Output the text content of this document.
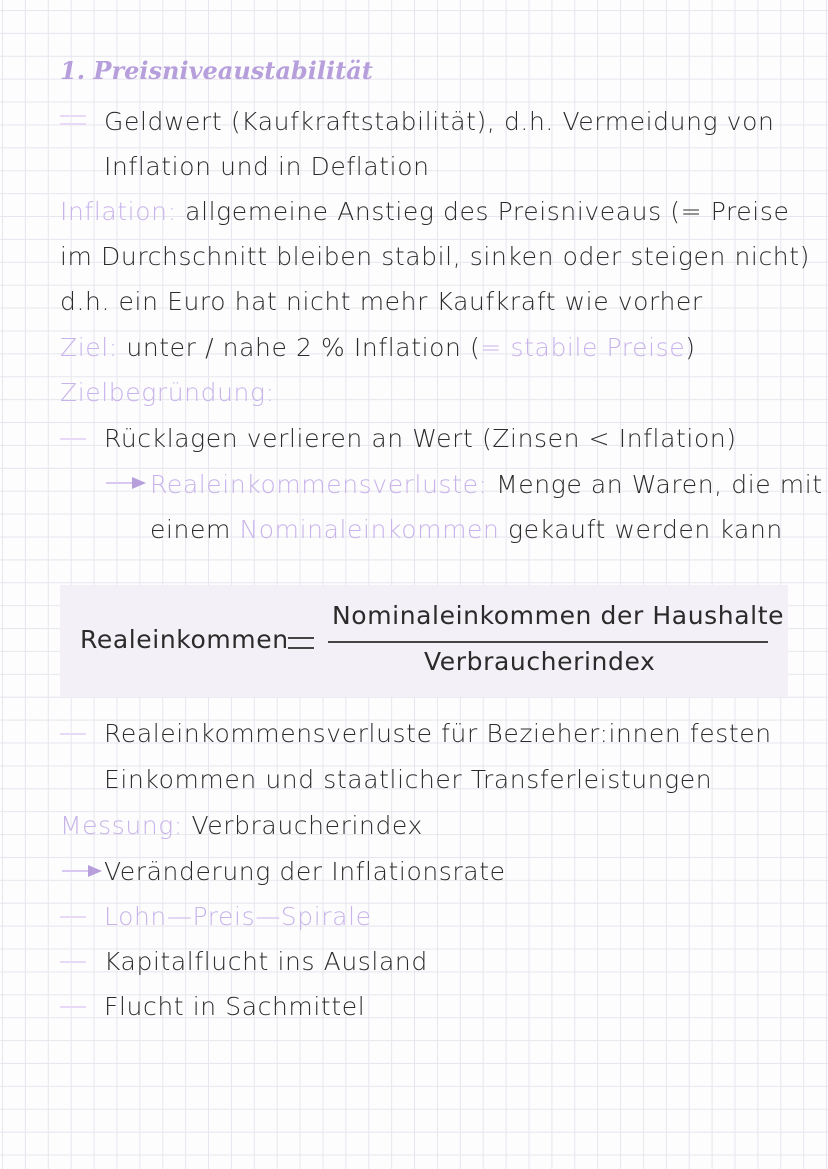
1. Preisniveaustabilität
Geldwert (Kaufkraftstabilität), d.h. Vermeidung von
Inflation und in Deflation
Inflation: allgemeine Anstieg des Preisniveaus (= Preise
im Durchschnitt bleiben stabil, sinken oder steigen nicht)
d.h. ein Euro hat nicht mehr Kaufkraft wie vorher
Ziel: unter / nahe 2 % Inflation (= stabile Preise)
Zielbegründung:
Rücklagen verlieren an Wert (Zinsen < Inflation)
Realeinkommensverluste: Menge an Waren, die mit
einem Nominaleinkommen gekauft werden kann
Realeinkommen
Nominaleinkommen der Haushalte
Verbraucherindex
Realeinkommensverluste für Bezieher:innen festen
Einkommen und staatlicher Transferleistungen
Messung: Verbraucherindex
Veränderung der Inflationsrate
Lohn—Preis—Spirale
Kapitalflucht ins Ausland
Flucht in Sachmittel
